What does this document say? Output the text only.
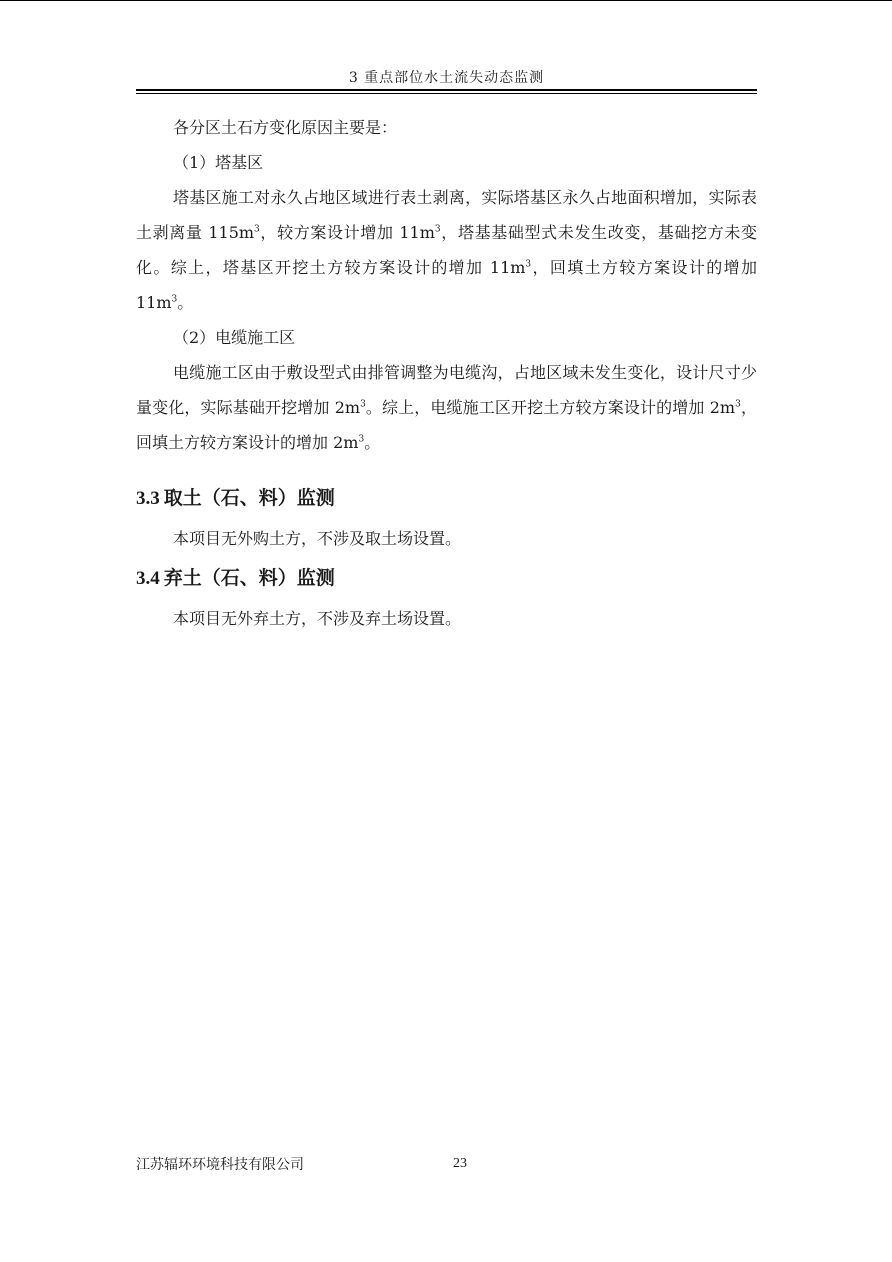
3 重点部位水土流失动态监测

各分区土石方变化原因主要是：

（1）塔基区

塔基区施工对永久占地区域进行表土剥离，实际塔基区永久占地面积增加，实际表土剥离量 $115m^3$，较方案设计增加 $11m^3$，塔基基础型式未发生改变，基础挖方未变化。综上，塔基区开挖土方较方案设计的增加 $11m^3$，回填土方较方案设计的增加 $11m^3$。

（2）电缆施工区

电缆施工区由于敷设型式由排管调整为电缆沟，占地区域未发生变化，设计尺寸少量变化，实际基础开挖增加 $2m^3$。综上，电缆施工区开挖土方较方案设计的增加 $2m^3$，回填土方较方案设计的增加 $2m^3$。

3.3 取土（石、料）监测

本项目无外购土方，不涉及取土场设置。

3.4 弃土（石、料）监测

本项目无外弃土方，不涉及弃土场设置。

江苏辐环环境科技有限公司	23
